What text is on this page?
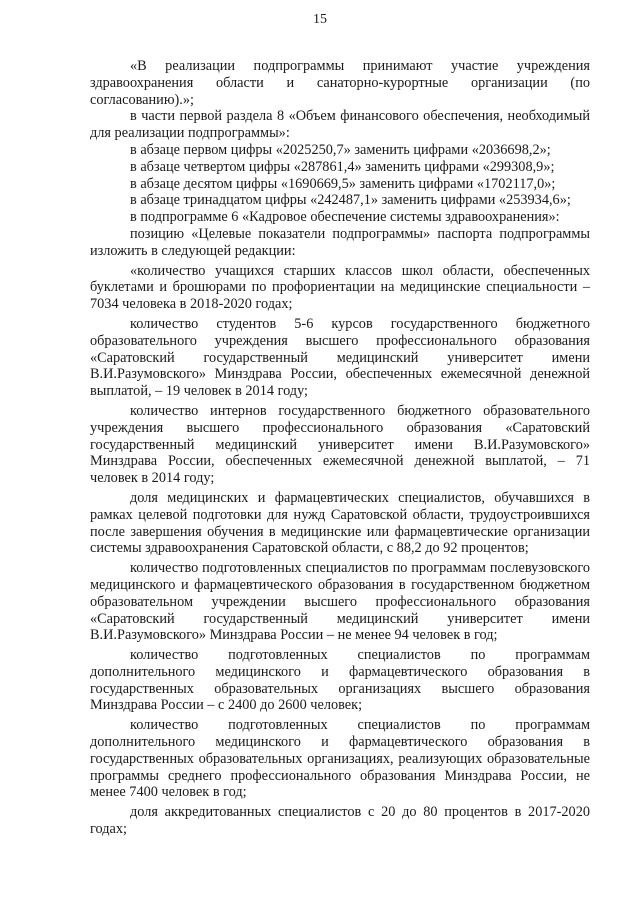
15

«В реализации подпрограммы принимают участие учреждения здравоохранения области и санаторно-курортные организации (по согласованию).»;

в части первой раздела 8 «Объем финансового обеспечения, необходимый для реализации подпрограммы»:

в абзаце первом цифры «2025250,7» заменить цифрами «2036698,2»;

в абзаце четвертом цифры «287861,4» заменить цифрами «299308,9»;

в абзаце десятом цифры «1690669,5» заменить цифрами «1702117,0»;

в абзаце тринадцатом цифры «242487,1» заменить цифрами «253934,6»;

в подпрограмме 6 «Кадровое обеспечение системы здравоохранения»:

позицию «Целевые показатели подпрограммы» паспорта подпрограммы изложить в следующей редакции:

«количество учащихся старших классов школ области, обеспеченных буклетами и брошюрами по профориентации на медицинские специальности – 7034 человека в 2018-2020 годах;

количество студентов 5-6 курсов государственного бюджетного образовательного учреждения высшего профессионального образования «Саратовский государственный медицинский университет имени В.И.Разумовского» Минздрава России, обеспеченных ежемесячной денежной выплатой, – 19 человек в 2014 году;

количество интернов государственного бюджетного образовательного учреждения высшего профессионального образования «Саратовский государственный медицинский университет имени В.И.Разумовского» Минздрава России, обеспеченных ежемесячной денежной выплатой, – 71 человек в 2014 году;

доля медицинских и фармацевтических специалистов, обучавшихся в рамках целевой подготовки для нужд Саратовской области, трудоустроившихся после завершения обучения в медицинские или фармацевтические организации системы здравоохранения Саратовской области, с 88,2 до 92 процентов;

количество подготовленных специалистов по программам послевузовского медицинского и фармацевтического образования в государственном бюджетном образовательном учреждении высшего профессионального образования «Саратовский государственный медицинский университет имени В.И.Разумовского» Минздрава России – не менее 94 человек в год;

количество подготовленных специалистов по программам дополнительного медицинского и фармацевтического образования в государственных образовательных организациях высшего образования Минздрава России – с 2400 до 2600 человек;

количество подготовленных специалистов по программам дополнительного медицинского и фармацевтического образования в государственных образовательных организациях, реализующих образовательные программы среднего профессионального образования Минздрава России, не менее 7400 человек в год;

доля аккредитованных специалистов с 20 до 80 процентов в 2017-2020 годах;
